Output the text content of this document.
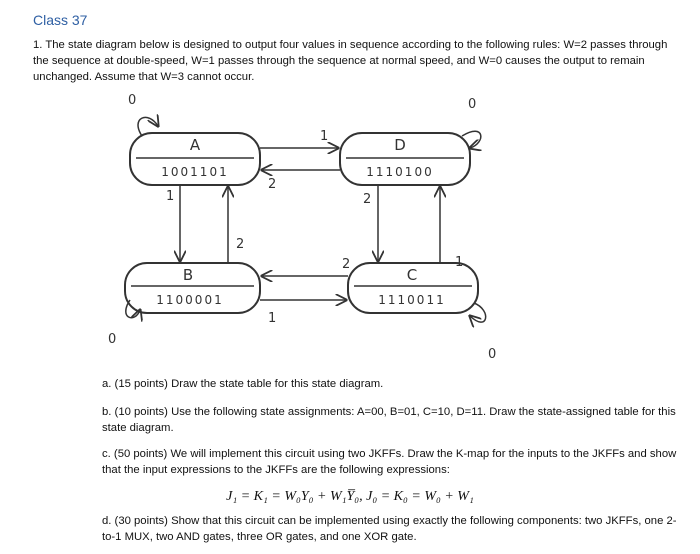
Class 37
1. The state diagram below is designed to output four values in sequence according to the following rules: W=2 passes through the sequence at double-speed, W=1 passes through the sequence at normal speed, and W=0 causes the output to remain unchanged. Assume that W=3 cannot occur.
A
1001101
D
1110100
B
1100001
C
1110011
0	0
0
0
1
2
1
2
2
1
2
1
a. (15 points) Draw the state table for this state diagram.
b. (10 points) Use the following state assignments: A=00, B=01, C=10, D=11. Draw the state-assigned table for this state diagram.
c. (50 points) We will implement this circuit using two JKFFs. Draw the K-map for the inputs to the JKFFs and show that the input expressions to the JKFFs are the following expressions:
J₁ = K₁ = W₀Y₀ + W₁Y̅₀, J₀ = K₀ = W₀ + W₁
d. (30 points) Show that this circuit can be implemented using exactly the following components: two JKFFs, one 2-to-1 MUX, two AND gates, three OR gates, and one XOR gate.
